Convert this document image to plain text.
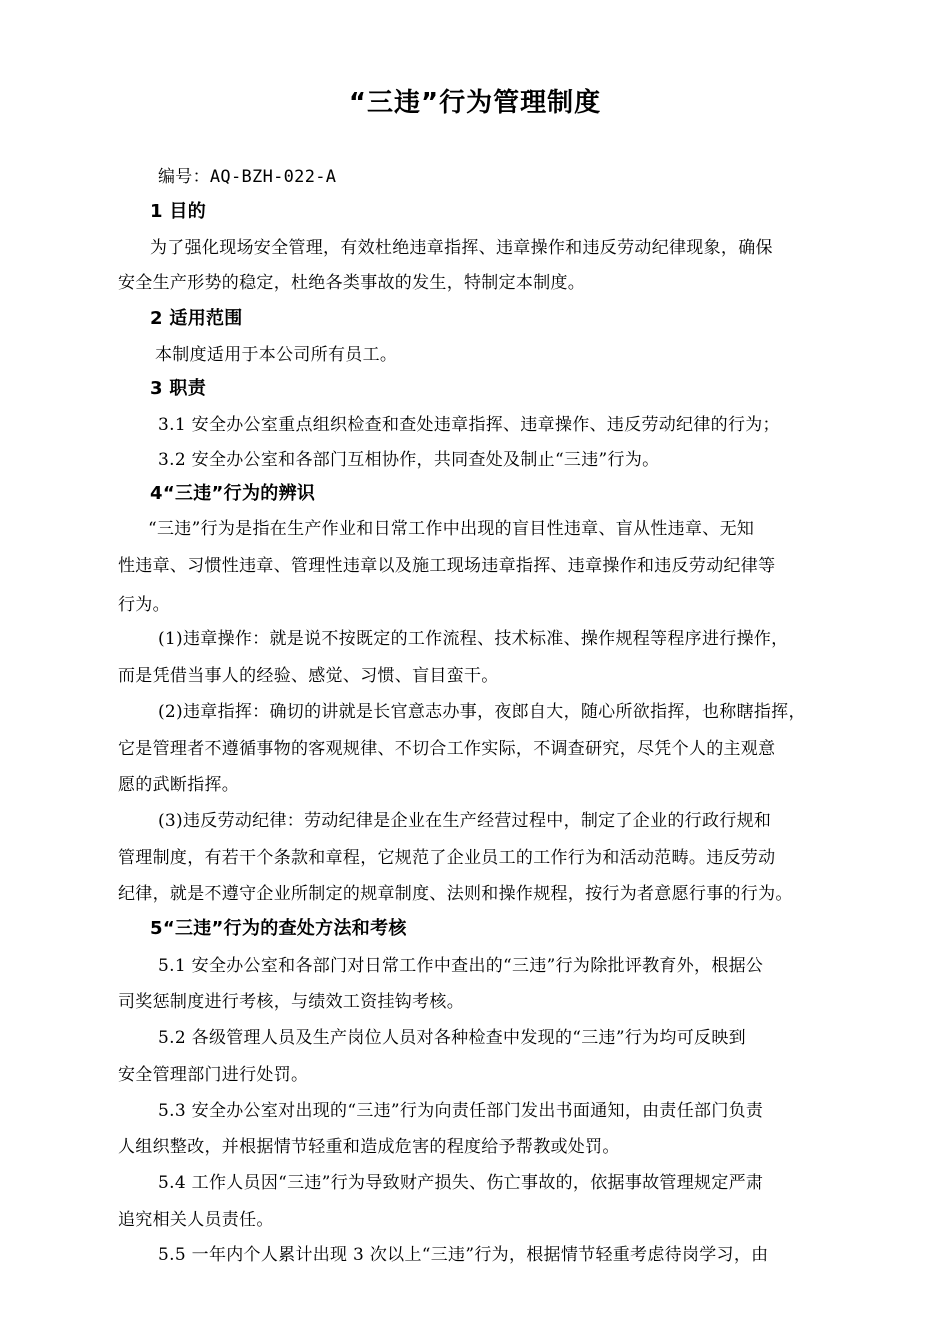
“三违”行为管理制度
编号：AQ-BZH-022-A
1 目的
为了强化现场安全管理，有效杜绝违章指挥、违章操作和违反劳动纪律现象，确保
安全生产形势的稳定，杜绝各类事故的发生，特制定本制度。
2 适用范围
本制度适用于本公司所有员工。
3 职责
3.1 安全办公室重点组织检查和查处违章指挥、违章操作、违反劳动纪律的行为；
3.2 安全办公室和各部门互相协作，共同查处及制止“三违”行为。
4“三违”行为的辨识
“三违”行为是指在生产作业和日常工作中出现的盲目性违章、盲从性违章、无知
性违章、习惯性违章、管理性违章以及施工现场违章指挥、违章操作和违反劳动纪律等
行为。
(1)违章操作：就是说不按既定的工作流程、技术标准、操作规程等程序进行操作，
而是凭借当事人的经验、感觉、习惯、盲目蛮干。
(2)违章指挥：确切的讲就是长官意志办事，夜郎自大，随心所欲指挥，也称瞎指挥，
它是管理者不遵循事物的客观规律、不切合工作实际，不调查研究，尽凭个人的主观意
愿的武断指挥。
(3)违反劳动纪律：劳动纪律是企业在生产经营过程中，制定了企业的行政行规和
管理制度，有若干个条款和章程，它规范了企业员工的工作行为和活动范畴。违反劳动
纪律，就是不遵守企业所制定的规章制度、法则和操作规程，按行为者意愿行事的行为。
5“三违”行为的查处方法和考核
5.1 安全办公室和各部门对日常工作中查出的“三违”行为除批评教育外，根据公
司奖惩制度进行考核，与绩效工资挂钩考核。
5.2 各级管理人员及生产岗位人员对各种检查中发现的“三违”行为均可反映到
安全管理部门进行处罚。
5.3 安全办公室对出现的“三违”行为向责任部门发出书面通知，由责任部门负责
人组织整改，并根据情节轻重和造成危害的程度给予帮教或处罚。
5.4 工作人员因“三违”行为导致财产损失、伤亡事故的，依据事故管理规定严肃
追究相关人员责任。
5.5 一年内个人累计出现 3 次以上“三违”行为，根据情节轻重考虑待岗学习，由
